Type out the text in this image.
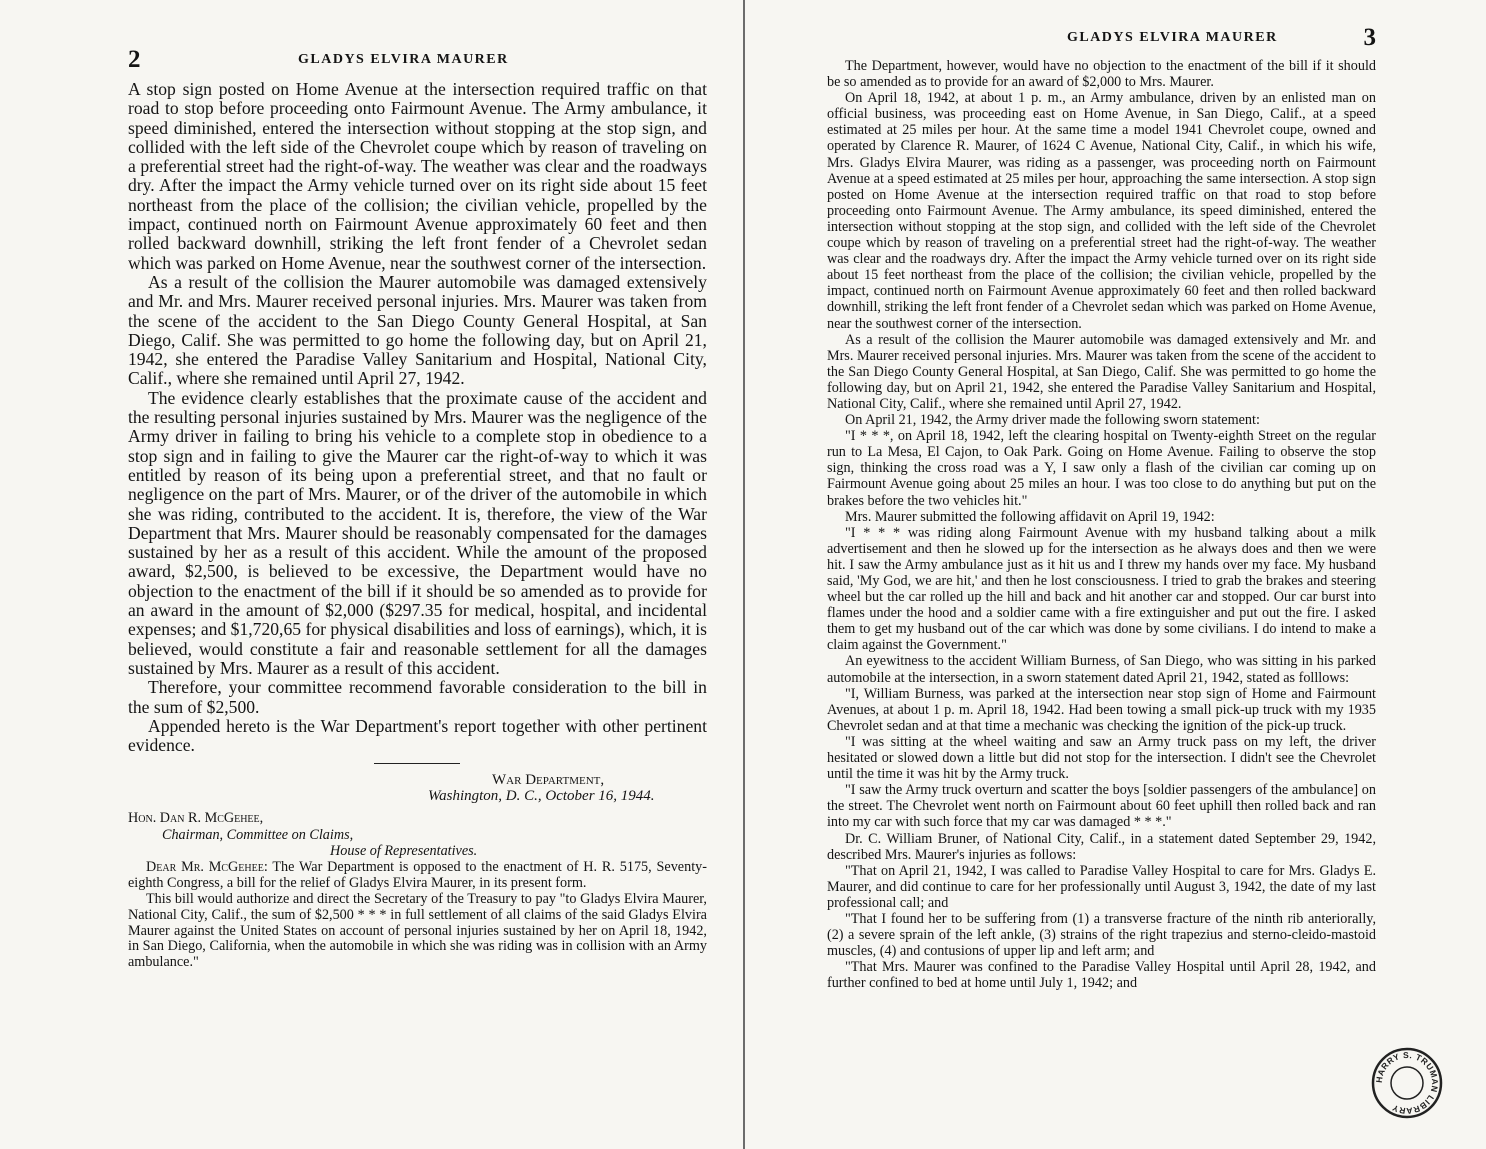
2	GLADYS ELVIRA MAURER

A stop sign posted on Home Avenue at the intersection required traffic on that road to stop before proceeding onto Fairmount Avenue. The Army ambulance, it speed diminished, entered the intersection without stopping at the stop sign, and collided with the left side of the Chevrolet coupe which by reason of traveling on a preferential street had the right-of-way. The weather was clear and the roadways dry. After the impact the Army vehicle turned over on its right side about 15 feet northeast from the place of the collision; the civilian vehicle, propelled by the impact, continued north on Fairmount Avenue approximately 60 feet and then rolled backward downhill, striking the left front fender of a Chevrolet sedan which was parked on Home Avenue, near the southwest corner of the intersection.

As a result of the collision the Maurer automobile was damaged extensively and Mr. and Mrs. Maurer received personal injuries. Mrs. Maurer was taken from the scene of the accident to the San Diego County General Hospital, at San Diego, Calif. She was permitted to go home the following day, but on April 21, 1942, she entered the Paradise Valley Sanitarium and Hospital, National City, Calif., where she remained until April 27, 1942.

The evidence clearly establishes that the proximate cause of the accident and the resulting personal injuries sustained by Mrs. Maurer was the negligence of the Army driver in failing to bring his vehicle to a complete stop in obedience to a stop sign and in failing to give the Maurer car the right-of-way to which it was entitled by reason of its being upon a preferential street, and that no fault or negligence on the part of Mrs. Maurer, or of the driver of the automobile in which she was riding, contributed to the accident. It is, therefore, the view of the War Department that Mrs. Maurer should be reasonably compensated for the damages sustained by her as a result of this accident. While the amount of the proposed award, $2,500, is believed to be excessive, the Department would have no objection to the enactment of the bill if it should be so amended as to provide for an award in the amount of $2,000 ($297.35 for medical, hospital, and incidental expenses; and $1,720,65 for physical disabilities and loss of earnings), which, it is believed, would constitute a fair and reasonable settlement for all the damages sustained by Mrs. Maurer as a result of this accident.

Therefore, your committee recommend favorable consideration to the bill in the sum of $2,500.

Appended hereto is the War Department's report together with other pertinent evidence.

War Department,
Washington, D. C., October 16, 1944.
Hon. Dan R. McGehee,
Chairman, Committee on Claims,
House of Representatives.

Dear Mr. McGehee: The War Department is opposed to the enactment of H. R. 5175, Seventy-eighth Congress, a bill for the relief of Gladys Elvira Maurer, in its present form.

This bill would authorize and direct the Secretary of the Treasury to pay "to Gladys Elvira Maurer, National City, Calif., the sum of $2,500 * * * in full settlement of all claims of the said Gladys Elvira Maurer against the United States on account of personal injuries sustained by her on April 18, 1942, in San Diego, California, when the automobile in which she was riding was in collision with an Army ambulance."

GLADYS ELVIRA MAURER	3

The Department, however, would have no objection to the enactment of the bill if it should be so amended as to provide for an award of $2,000 to Mrs. Maurer.

On April 18, 1942, at about 1 p. m., an Army ambulance, driven by an enlisted man on official business, was proceeding east on Home Avenue, in San Diego, Calif., at a speed estimated at 25 miles per hour. At the same time a model 1941 Chevrolet coupe, owned and operated by Clarence R. Maurer, of 1624 C Avenue, National City, Calif., in which his wife, Mrs. Gladys Elvira Maurer, was riding as a passenger, was proceeding north on Fairmount Avenue at a speed estimated at 25 miles per hour, approaching the same intersection. A stop sign posted on Home Avenue at the intersection required traffic on that road to stop before proceeding onto Fairmount Avenue. The Army ambulance, its speed diminished, entered the intersection without stopping at the stop sign, and collided with the left side of the Chevrolet coupe which by reason of traveling on a preferential street had the right-of-way. The weather was clear and the roadways dry. After the impact the Army vehicle turned over on its right side about 15 feet northeast from the place of the collision; the civilian vehicle, propelled by the impact, continued north on Fairmount Avenue approximately 60 feet and then rolled backward downhill, striking the left front fender of a Chevrolet sedan which was parked on Home Avenue, near the southwest corner of the intersection.

As a result of the collision the Maurer automobile was damaged extensively and Mr. and Mrs. Maurer received personal injuries. Mrs. Maurer was taken from the scene of the accident to the San Diego County General Hospital, at San Diego, Calif. She was permitted to go home the following day, but on April 21, 1942, she entered the Paradise Valley Sanitarium and Hospital, National City, Calif., where she remained until April 27, 1942.

On April 21, 1942, the Army driver made the following sworn statement:

"I * * *, on April 18, 1942, left the clearing hospital on Twenty-eighth Street on the regular run to La Mesa, El Cajon, to Oak Park. Going on Home Avenue. Failing to observe the stop sign, thinking the cross road was a Y, I saw only a flash of the civilian car coming up on Fairmount Avenue going about 25 miles an hour. I was too close to do anything but put on the brakes before the two vehicles hit."

Mrs. Maurer submitted the following affidavit on April 19, 1942:

"I * * * was riding along Fairmount Avenue with my husband talking about a milk advertisement and then he slowed up for the intersection as he always does and then we were hit. I saw the Army ambulance just as it hit us and I threw my hands over my face. My husband said, 'My God, we are hit,' and then he lost consciousness. I tried to grab the brakes and steering wheel but the car rolled up the hill and back and hit another car and stopped. Our car burst into flames under the hood and a soldier came with a fire extinguisher and put out the fire. I asked them to get my husband out of the car which was done by some civilians. I do intend to make a claim against the Government."

An eyewitness to the accident William Burness, of San Diego, who was sitting in his parked automobile at the intersection, in a sworn statement dated April 21, 1942, stated as folllows:

"I, William Burness, was parked at the intersection near stop sign of Home and Fairmount Avenues, at about 1 p. m. April 18, 1942. Had been towing a small pick-up truck with my 1935 Chevrolet sedan and at that time a mechanic was checking the ignition of the pick-up truck.

"I was sitting at the wheel waiting and saw an Army truck pass on my left, the driver hesitated or slowed down a little but did not stop for the intersection. I didn't see the Chevrolet until the time it was hit by the Army truck.

"I saw the Army truck overturn and scatter the boys [soldier passengers of the ambulance] on the street. The Chevrolet went north on Fairmount about 60 feet uphill then rolled back and ran into my car with such force that my car was damaged * * *."

Dr. C. William Bruner, of National City, Calif., in a statement dated September 29, 1942, described Mrs. Maurer's injuries as follows:

"That on April 21, 1942, I was called to Paradise Valley Hospital to care for Mrs. Gladys E. Maurer, and did continue to care for her professionally until August 3, 1942, the date of my last professional call; and

"That I found her to be suffering from (1) a transverse fracture of the ninth rib anteriorally, (2) a severe sprain of the left ankle, (3) strains of the right trapezius and sterno-cleido-mastoid muscles, (4) and contusions of upper lip and left arm; and

"That Mrs. Maurer was confined to the Paradise Valley Hospital until April 28, 1942, and further confined to bed at home until July 1, 1942; and

HARRY S. TRUMAN LIBRARY
